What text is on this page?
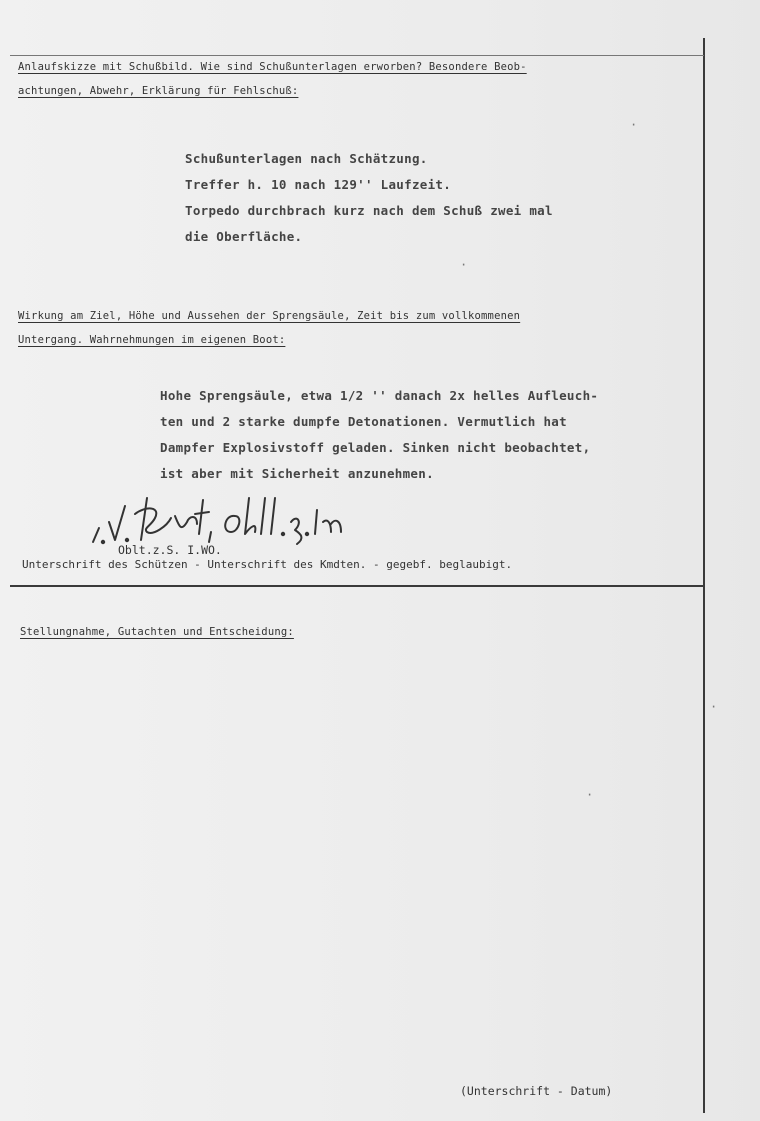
Anlaufskizze mit Schußbild. Wie sind Schußunterlagen erworben? Besondere Beob-
achtungen, Abwehr, Erklärung für Fehlschuß:
Schußunterlagen nach Schätzung.
Treffer h. 10 nach 129'' Laufzeit.
Torpedo durchbrach kurz nach dem Schuß zwei mal
die Oberfläche.
·
·
Wirkung am Ziel, Höhe und Aussehen der Sprengsäule, Zeit bis zum vollkommenen
Untergang. Wahrnehmungen im eigenen Boot:
Hohe Sprengsäule, etwa 1/2 '' danach 2x helles Aufleuch-
ten und 2 starke dumpfe Detonationen. Vermutlich hat
Dampfer Explosivstoff geladen. Sinken nicht beobachtet,
ist aber mit Sicherheit anzunehmen.
Oblt.z.S. I.WO.
Unterschrift des Schützen - Unterschrift des Kmdten. - gegebf. beglaubigt.
Stellungnahme, Gutachten und Entscheidung:
·
·
(Unterschrift - Datum)
